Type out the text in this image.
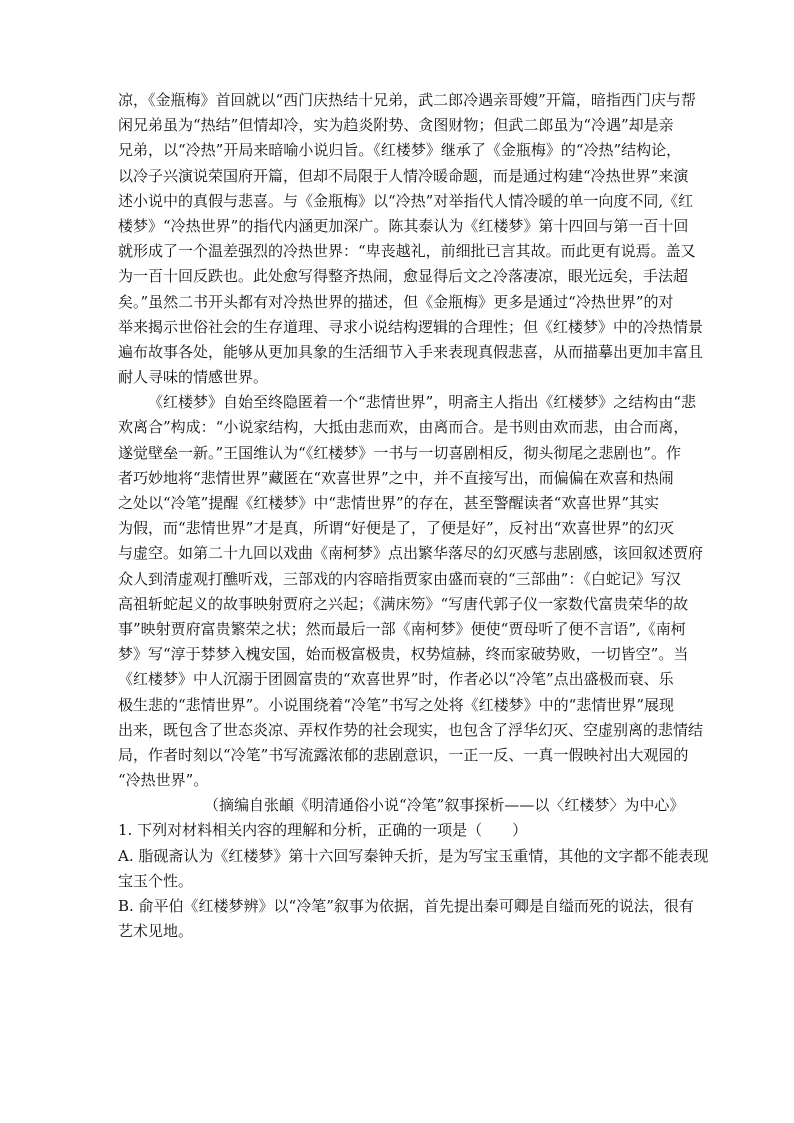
凉，《金瓶梅》首回就以“西门庆热结十兄弟，武二郎冷遇亲哥嫂”开篇，暗指西门庆与帮
闲兄弟虽为“热结”但情却冷，实为趋炎附势、贪图财物；但武二郎虽为“冷遇”却是亲
兄弟，以“冷热”开局来暗喻小说归旨。《红楼梦》继承了《金瓶梅》的“冷热”结构论，
以冷子兴演说荣国府开篇，但却不局限于人情冷暖命题，而是通过构建“冷热世界”来演
述小说中的真假与悲喜。与《金瓶梅》以“冷热”对举指代人情冷暖的单一向度不同,《红
楼梦》“冷热世界”的指代内涵更加深广。陈其泰认为《红楼梦》第十四回与第一百十回
就形成了一个温差强烈的冷热世界：“卑丧越礼，前细批已言其故。而此更有说焉。盖又
为一百十回反跌也。此处愈写得整齐热闹，愈显得后文之冷落凄凉，眼光远矣，手法超
矣。”虽然二书开头都有对冷热世界的描述，但《金瓶梅》更多是通过“冷热世界”的对
举来揭示世俗社会的生存道理、寻求小说结构逻辑的合理性；但《红楼梦》中的冷热情景
遍布故事各处，能够从更加具象的生活细节入手来表现真假悲喜，从而描摹出更加丰富且
耐人寻味的情感世界。
《红楼梦》自始至终隐匿着一个“悲情世界”，明斋主人指出《红楼梦》之结构由“悲
欢离合”构成：“小说家结构，大抵由悲而欢，由离而合。是书则由欢而悲，由合而离，
遂觉壁垒一新。”王国维认为“《红楼梦》一书与一切喜剧相反，彻头彻尾之悲剧也”。作
者巧妙地将“悲情世界”藏匿在“欢喜世界”之中，并不直接写出，而偏偏在欢喜和热闹
之处以“冷笔”提醒《红楼梦》中“悲情世界”的存在，甚至警醒读者“欢喜世界”其实
为假，而“悲情世界”才是真，所谓“好便是了，了便是好”，反衬出“欢喜世界”的幻灭
与虚空。如第二十九回以戏曲《南柯梦》点出繁华落尽的幻灭感与悲剧感，该回叙述贾府
众人到清虚观打醮听戏，三部戏的内容暗指贾家由盛而衰的“三部曲”：《白蛇记》写汉
高祖斩蛇起义的故事映射贾府之兴起；《满床笏》“写唐代郭子仪一家数代富贵荣华的故
事”映射贾府富贵繁荣之状；然而最后一部《南柯梦》便使“贾母听了便不言语”,《南柯
梦》写“淳于棼梦入槐安国，始而极富极贵，权势煊赫，终而家破势败，一切皆空”。当
《红楼梦》中人沉溺于团圆富贵的“欢喜世界”时，作者必以“冷笔”点出盛极而衰、乐
极生悲的“悲情世界”。小说围绕着“冷笔”书写之处将《红楼梦》中的“悲情世界”展现
出来，既包含了世态炎凉、弄权作势的社会现实，也包含了浮华幻灭、空虚别离的悲情结
局，作者时刻以“冷笔”书写流露浓郁的悲剧意识，一正一反、一真一假映衬出大观园的
“冷热世界”。
（摘编自张頔《明清通俗小说“冷笔”叙事探析——以〈红楼梦〉为中心》
1. 下列对材料相关内容的理解和分析，正确的一项是（　　）
A. 脂砚斋认为《红楼梦》第十六回写秦钟夭折，是为写宝玉重情，其他的文字都不能表现
宝玉个性。
B. 俞平伯《红楼梦辨》以“冷笔”叙事为依据，首先提出秦可卿是自缢而死的说法，很有
艺术见地。
